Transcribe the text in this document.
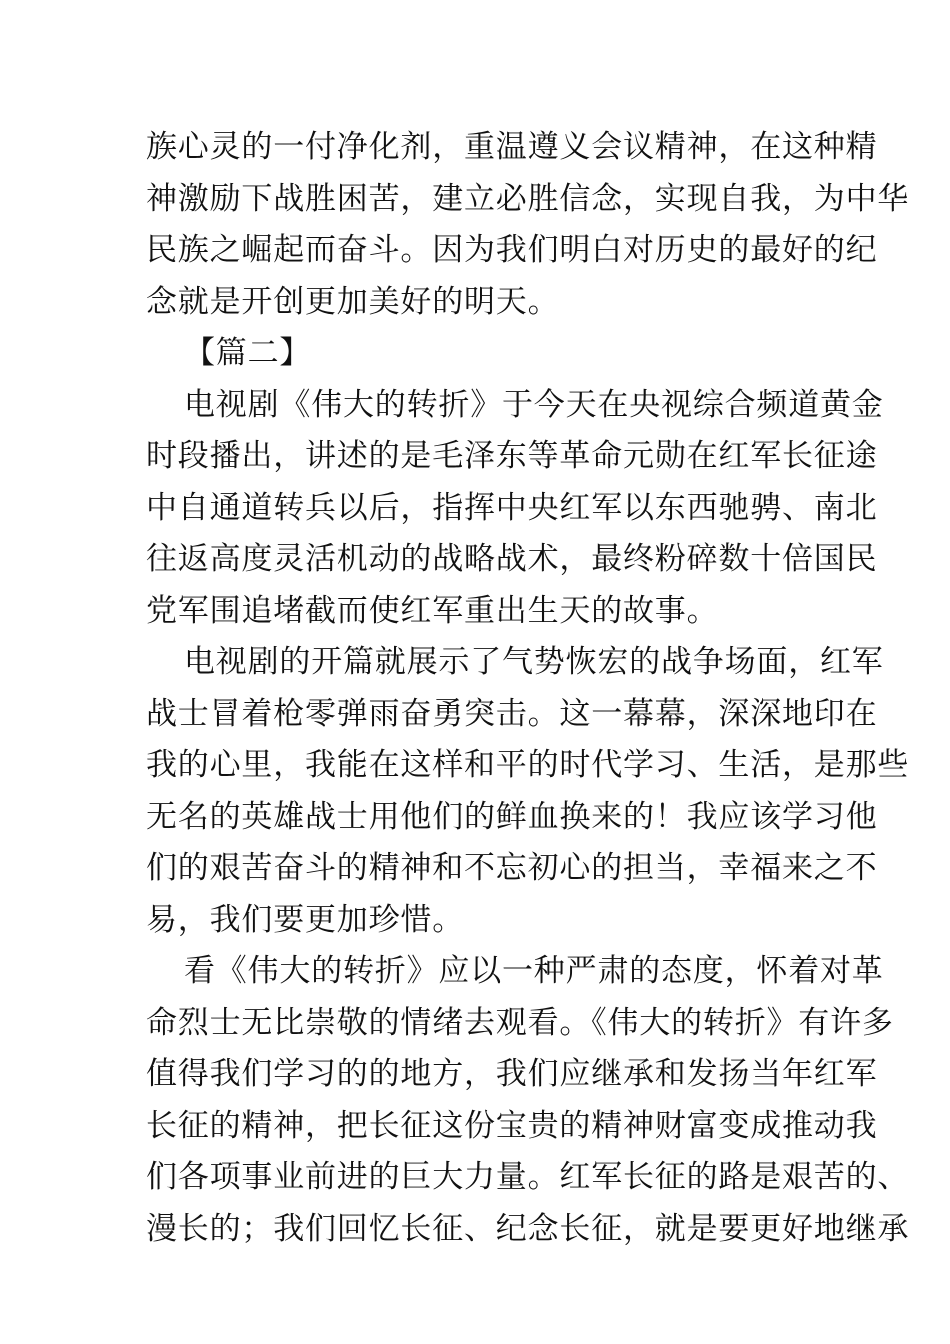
族心灵的一付净化剂，重温遵义会议精神，在这种精
神激励下战胜困苦，建立必胜信念，实现自我，为中华
民族之崛起而奋斗。因为我们明白对历史的最好的纪
念就是开创更加美好的明天。
【篇二】
电视剧《伟大的转折》于今天在央视综合频道黄金
时段播出，讲述的是毛泽东等革命元勋在红军长征途
中自通道转兵以后，指挥中央红军以东西驰骋、南北
往返高度灵活机动的战略战术，最终粉碎数十倍国民
党军围追堵截而使红军重出生天的故事。
电视剧的开篇就展示了气势恢宏的战争场面，红军
战士冒着枪零弹雨奋勇突击。这一幕幕，深深地印在
我的心里，我能在这样和平的时代学习、生活，是那些
无名的英雄战士用他们的鲜血换来的！我应该学习他
们的艰苦奋斗的精神和不忘初心的担当，幸福来之不
易，我们要更加珍惜。
看《伟大的转折》应以一种严肃的态度，怀着对革
命烈士无比崇敬的情绪去观看。《伟大的转折》有许多
值得我们学习的的地方，我们应继承和发扬当年红军
长征的精神，把长征这份宝贵的精神财富变成推动我
们各项事业前进的巨大力量。红军长征的路是艰苦的、
漫长的；我们回忆长征、纪念长征，就是要更好地继承
